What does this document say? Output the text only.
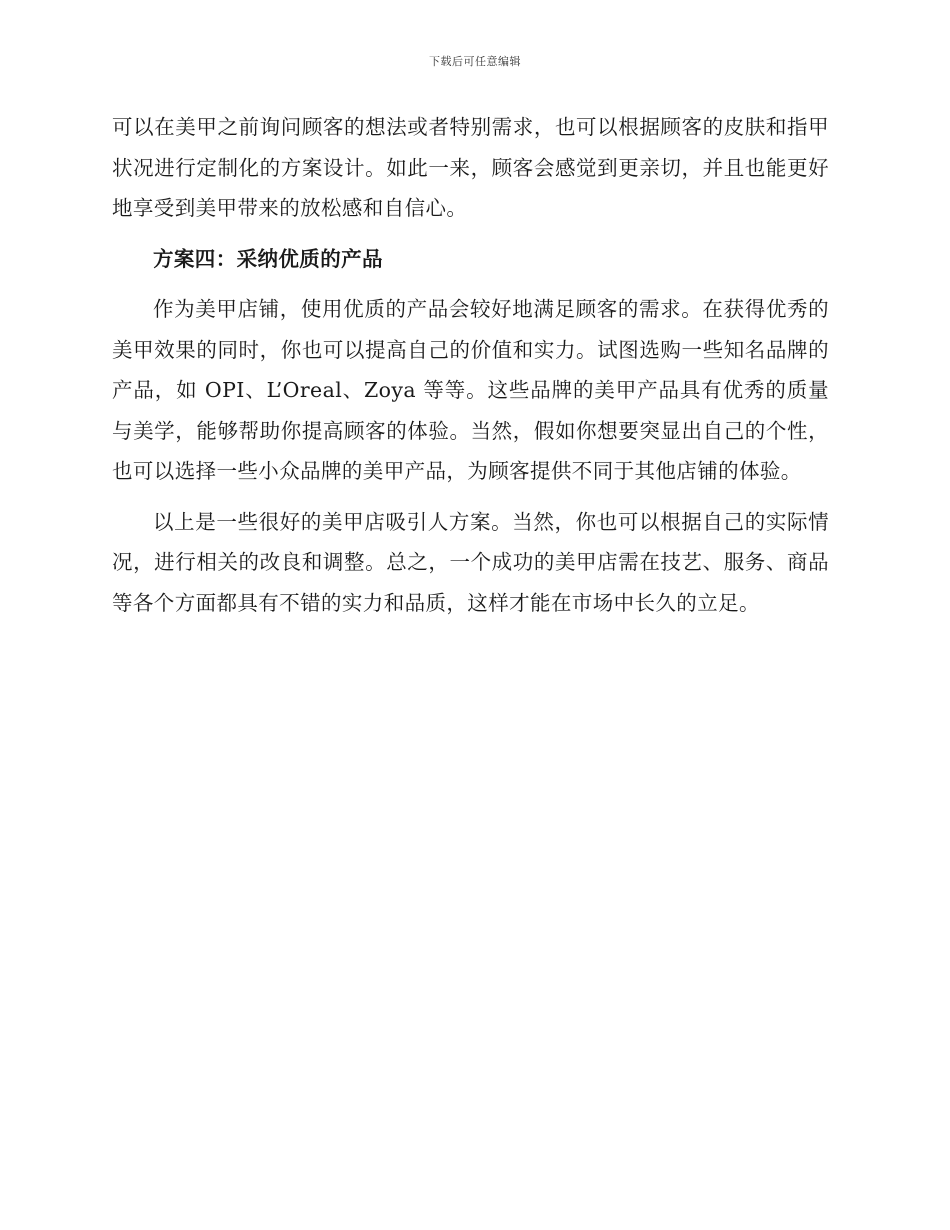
下载后可任意编辑

可以在美甲之前询问顾客的想法或者特别需求，也可以根据顾客的皮肤和指甲状况进行定制化的方案设计。如此一来，顾客会感觉到更亲切，并且也能更好地享受到美甲带来的放松感和自信心。

方案四：采纳优质的产品

作为美甲店铺，使用优质的产品会较好地满足顾客的需求。在获得优秀的美甲效果的同时，你也可以提高自己的价值和实力。试图选购一些知名品牌的产品，如 OPI、L’Oreal、Zoya 等等。这些品牌的美甲产品具有优秀的质量与美学，能够帮助你提高顾客的体验。当然，假如你想要突显出自己的个性，也可以选择一些小众品牌的美甲产品，为顾客提供不同于其他店铺的体验。

以上是一些很好的美甲店吸引人方案。当然，你也可以根据自己的实际情况，进行相关的改良和调整。总之，一个成功的美甲店需在技艺、服务、商品等各个方面都具有不错的实力和品质，这样才能在市场中长久的立足。
